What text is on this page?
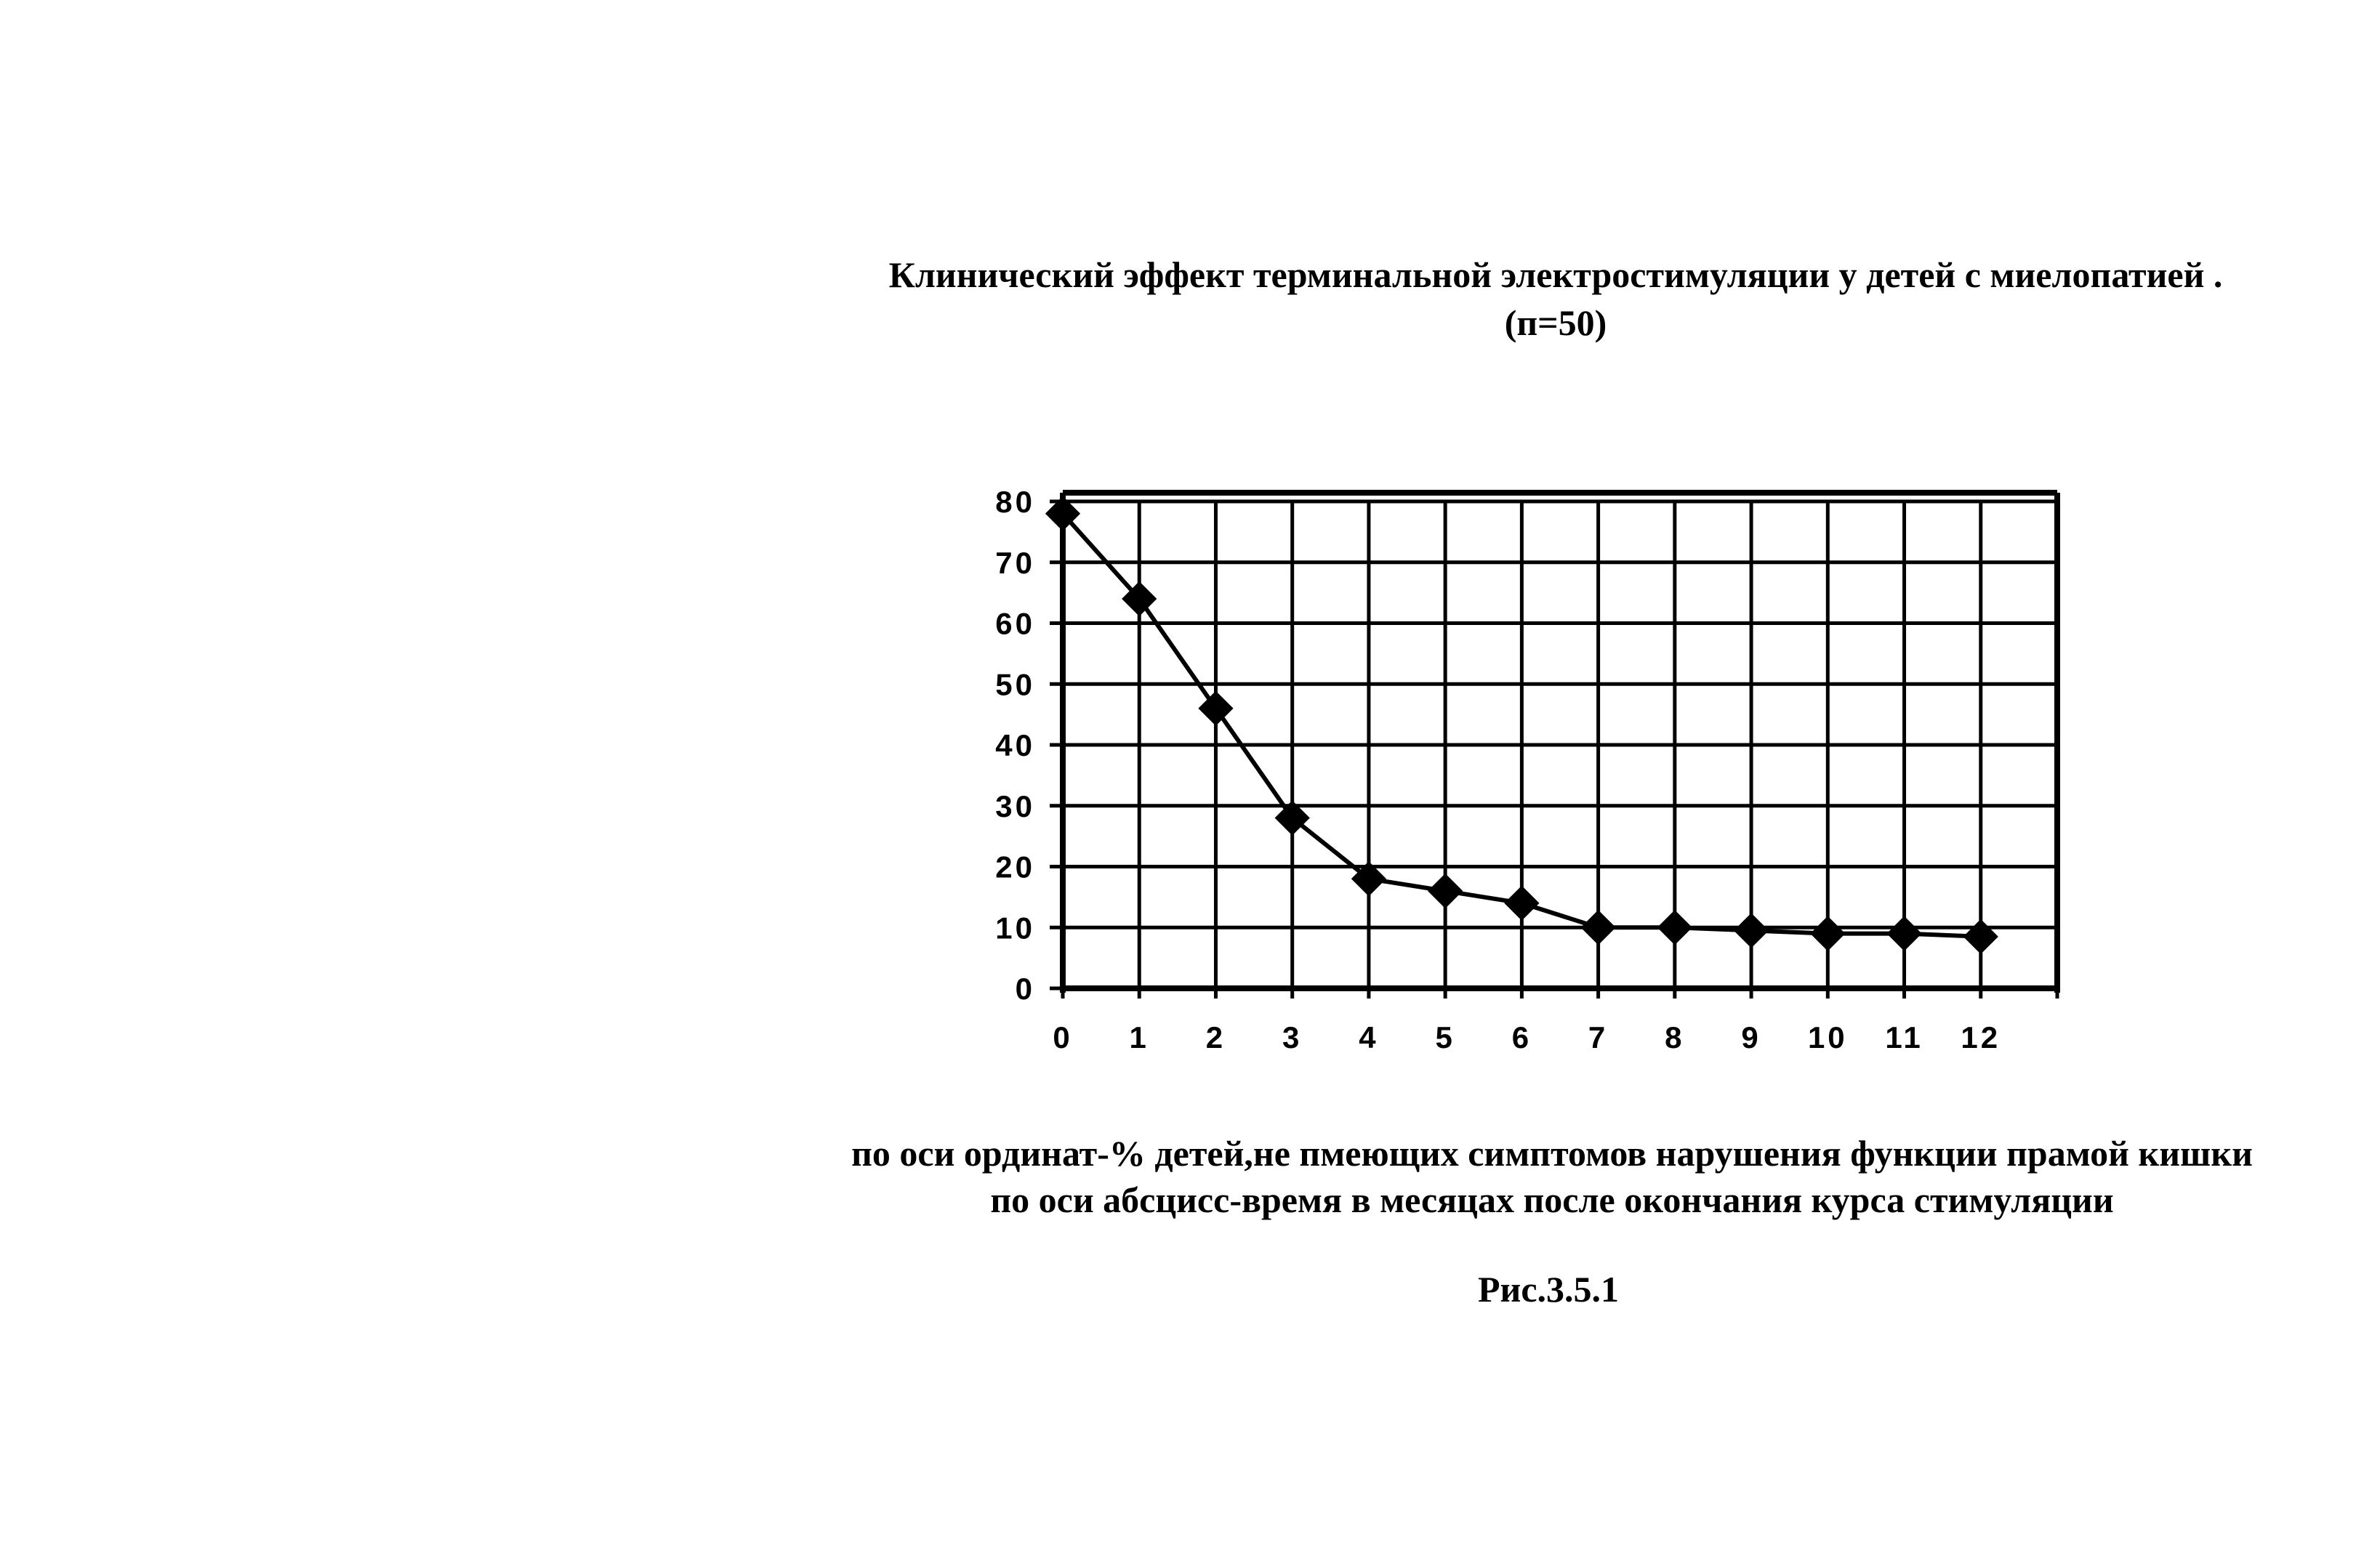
Клинический эффект терминальной электростимуляции у детей с миелопатией .
(п=50)
0
10
20
30
40
50
60
70
80
0 1 2 3 4 5 6 7 8 9 10 11 12
по оси ординат-% детей,не пмеющих симптомов нарушения функции прамой кишки
по оси абсцисс-время в месяцах после окончания курса стимуляции
Рис.3.5.1
